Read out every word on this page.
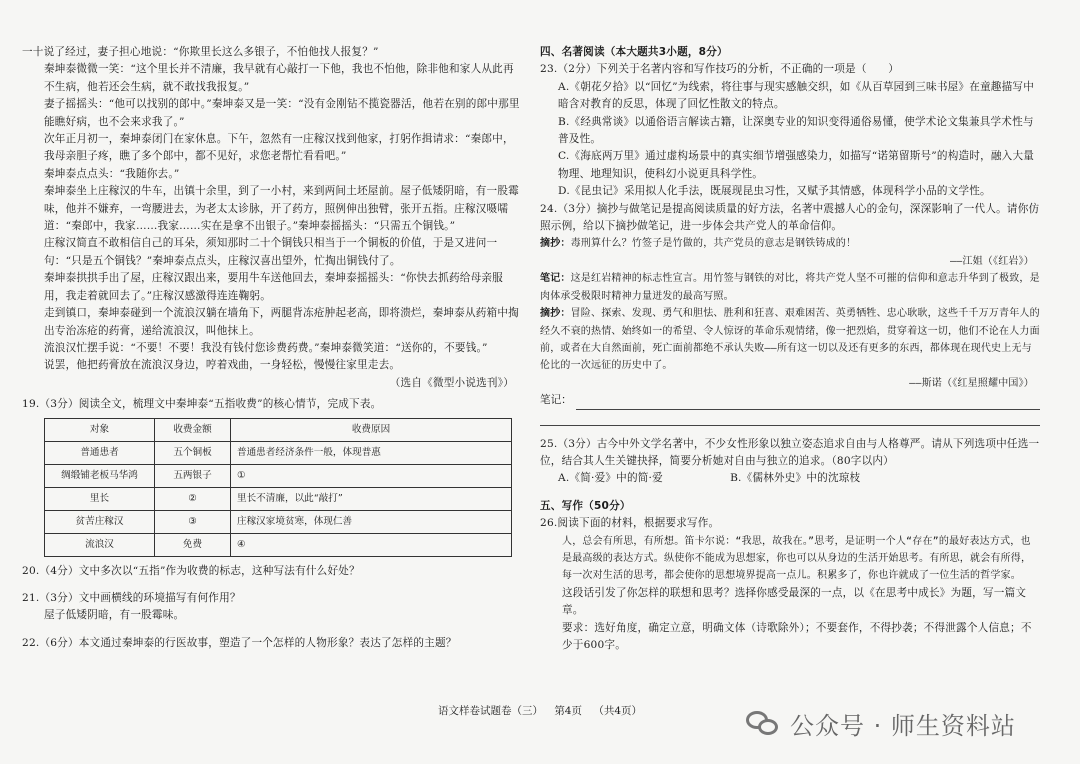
一十说了经过，妻子担心地说：“你欺里长这么多银子，不怕他找人报复？”

秦坤泰微微一笑：“这个里长并不清廉，我早就有心敲打一下他，我也不怕他，除非他和家人从此再不生病，他若还会生病，就不敢找我报复。”

妻子摇摇头：“他可以找别的郎中。”秦坤泰又是一笑：“没有金刚钻不揽瓷器活，他若在别的郎中那里能瞧好病，也不会来求我了。”

次年正月初一，秦坤泰闭门在家休息。下午，忽然有一庄稼汉找到他家，打躬作揖请求：“秦郎中，我母亲胆子疼，瞧了多个郎中，都不见好，求您老帮忙看看吧。”

秦坤泰点点头：“我随你去。”

秦坤泰坐上庄稼汉的牛车，出镇十余里，到了一小村，来到两间土坯屋前。屋子低矮阴暗，有一股霉味，他并不嫌弃，一弯腰进去，为老太太诊脉，开了药方，照例伸出独臂，张开五指。庄稼汉嗫嚅道：“秦郎中，我家……我家……实在是拿不出银子。”秦坤泰摇摇头：“只需五个铜钱。”

庄稼汉简直不敢相信自己的耳朵，须知那时二十个铜钱只相当于一个铜板的价值，于是又进问一句：“只是五个铜钱？”秦坤泰点点头，庄稼汉喜出望外，忙掏出铜钱付了。

秦坤泰拱拱手出了屋，庄稼汉跟出来，要用牛车送他回去，秦坤泰摇摇头：“你快去抓药给母亲服用，我走着就回去了。”庄稼汉感激得连连鞠躬。

走到镇口，秦坤泰碰到一个流浪汉躺在墙角下，两腿背冻疮肿起老高，即将溃烂，秦坤泰从药箱中掏出专治冻疮的药膏，递给流浪汉，叫他抹上。

流浪汉忙摆手说：“不要！不要！我没有钱付您诊费药费。”秦坤泰微笑道：“送你的，不要钱。”

说罢，他把药膏放在流浪汉身边，哼着戏曲，一身轻松，慢慢往家里走去。

（选自《微型小说选刊》）

19.（3分）阅读全文，梳理文中秦坤泰“五指收费”的核心情节，完成下表。

对象	收费金额	收费原因
普通患者	五个铜板	普通患者经济条件一般，体现普惠
绸缎铺老板马华鸿	五两银子	①
里长	②	里长不清廉，以此“敲打”
贫苦庄稼汉	③	庄稼汉家境贫寒，体现仁善
流浪汉	免费	④

20.（4分）文中多次以“五指”作为收费的标志，这种写法有什么好处？

21.（3分）文中画横线的环境描写有何作用？

屋子低矮阴暗，有一股霉味。

22.（6分）本文通过秦坤泰的行医故事，塑造了一个怎样的人物形象？表达了怎样的主题？

四、名著阅读（本大题共3小题，8分）

23.（2分）下列关于名著内容和写作技巧的分析，不正确的一项是（　　）

A.《朝花夕拾》以“回忆”为线索，将往事与现实感触交织，如《从百草园到三味书屋》在童趣描写中暗含对教育的反思，体现了回忆性散文的特点。

B.《经典常谈》以通俗语言解读古籍，让深奥专业的知识变得通俗易懂，使学术论文集兼具学术性与普及性。

C.《海底两万里》通过虚构场景中的真实细节增强感染力，如描写“诺第留斯号”的构造时，融入大量物理、地理知识，使科幻小说更具科学性。

D.《昆虫记》采用拟人化手法，既展现昆虫习性，又赋予其情感，体现科学小品的文学性。

24.（3分）摘抄与做笔记是提高阅读质量的好方法，名著中震撼人心的金句，深深影响了一代人。请你仿照示例，给以下摘抄做笔记，进一步体会共产党人的革命信仰。

摘抄：毒刑算什么？竹签子是竹做的，共产党员的意志是钢铁铸成的！

——江姐（《红岩》）

笔记：这是红岩精神的标志性宣言。用竹签与钢铁的对比，将共产党人坚不可摧的信仰和意志升华到了极致，是肉体承受极限时精神力量迸发的最高写照。

摘抄：冒险、探索、发现、勇气和胆怯、胜利和狂喜、艰难困苦、英勇牺牲、忠心耿耿，这些千千万万青年人的经久不衰的热情、始终如一的希望、令人惊讶的革命乐观情绪，像一把烈焰，贯穿着这一切，他们不论在人力面前，或者在大自然面前，死亡面前都绝不承认失败——所有这一切以及还有更多的东西，都体现在现代史上无与伦比的一次远征的历史中了。

——斯诺（《红星照耀中国》）

笔记：

25.（3分）古今中外文学名著中，不少女性形象以独立姿态追求自由与人格尊严。请从下列选项中任选一位，结合其人生关键抉择，简要分析她对自由与独立的追求。（80字以内）

A.《简·爱》中的简·爱	B.《儒林外史》中的沈琼枝

五、写作（50分）

26.阅读下面的材料，根据要求写作。

人，总会有所思，有所想。笛卡尔说：“我思，故我在。”思考，是证明一个人“存在”的最好表达方式，也是最高级的表达方式。纵使你不能成为思想家，你也可以从身边的生活开始思考。有所思，就会有所得，每一次对生活的思考，都会使你的思想境界提高一点儿。积累多了，你也许就成了一位生活的哲学家。

这段话引发了你怎样的联想和思考？选择你感受最深的一点，以《在思考中成长》为题，写一篇文章。

要求：选好角度，确定立意，明确文体（诗歌除外）；不要套作，不得抄袭；不得泄露个人信息；不少于600字。

语文样卷试题卷（三） 第4页 （共4页）
公众号 · 师生资料站
